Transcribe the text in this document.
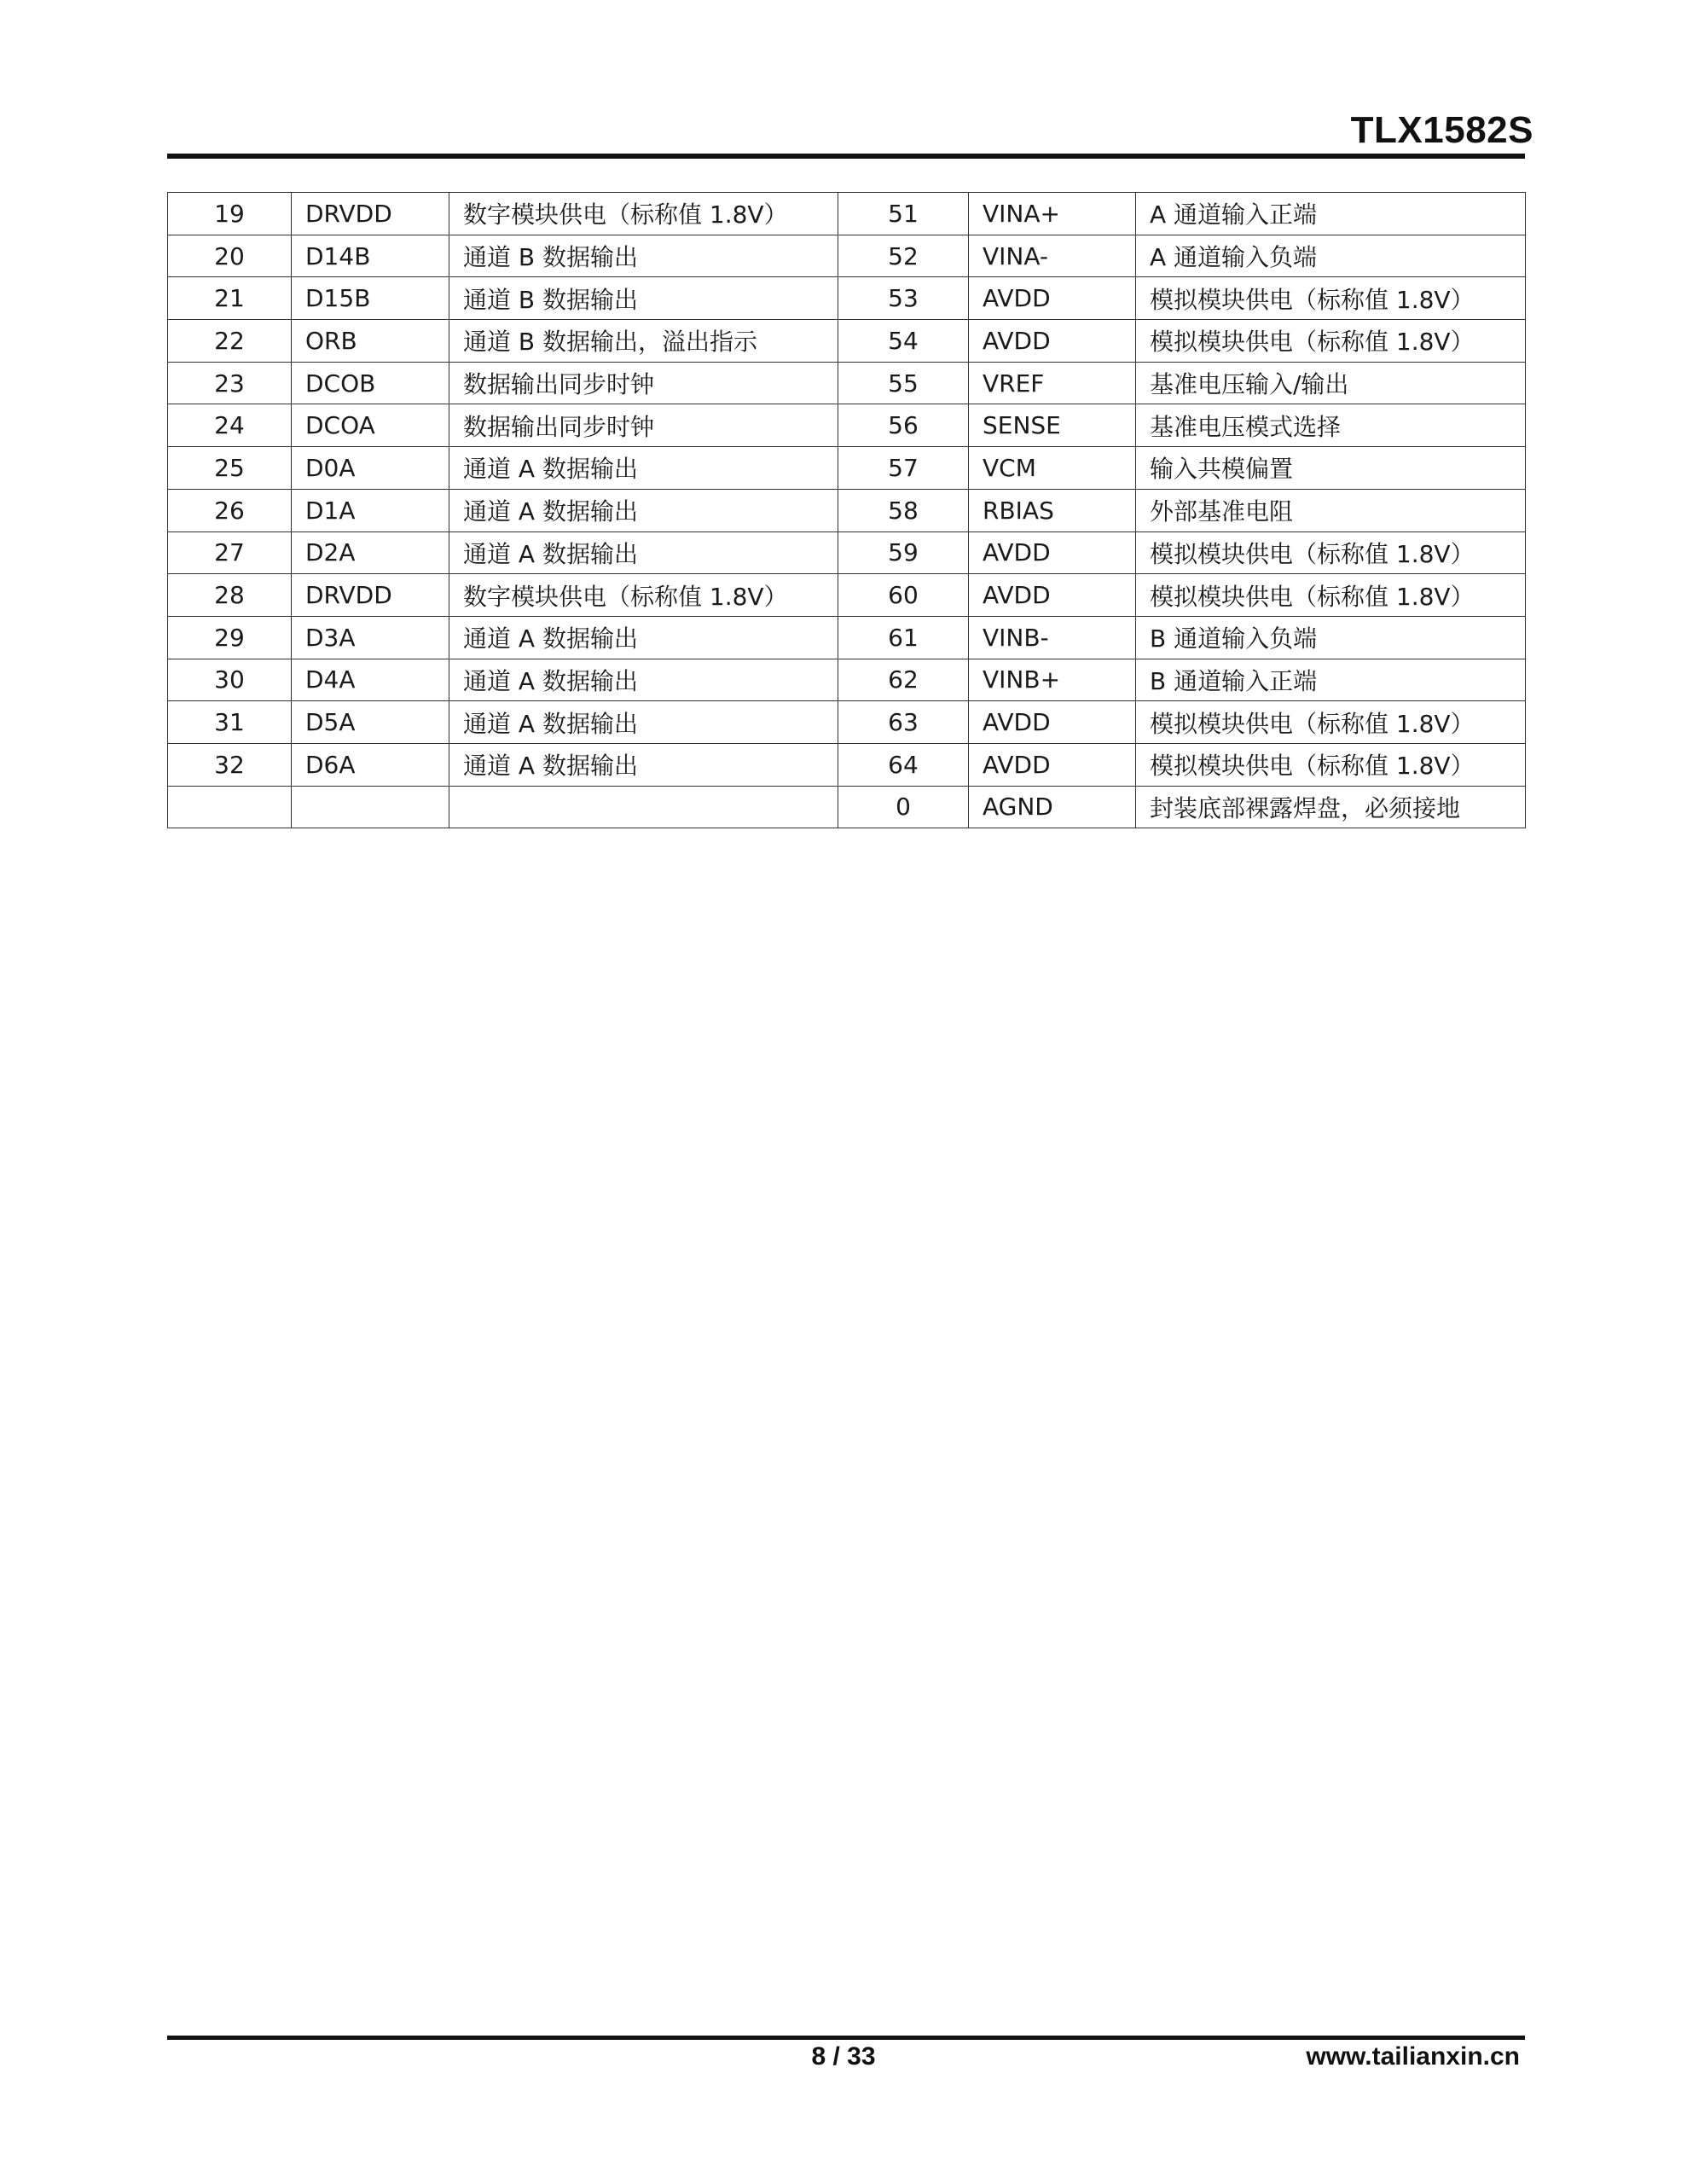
TLX1582S
19	DRVDD	数字模块供电（标称值 1.8V）	51	VINA+	A 通道输入正端
20	D14B	通道 B 数据输出	52	VINA-	A 通道输入负端
21	D15B	通道 B 数据输出	53	AVDD	模拟模块供电（标称值 1.8V）
22	ORB	通道 B 数据输出，溢出指示	54	AVDD	模拟模块供电（标称值 1.8V）
23	DCOB	数据输出同步时钟	55	VREF	基准电压输入/输出
24	DCOA	数据输出同步时钟	56	SENSE	基准电压模式选择
25	D0A	通道 A 数据输出	57	VCM	输入共模偏置
26	D1A	通道 A 数据输出	58	RBIAS	外部基准电阻
27	D2A	通道 A 数据输出	59	AVDD	模拟模块供电（标称值 1.8V）
28	DRVDD	数字模块供电（标称值 1.8V）	60	AVDD	模拟模块供电（标称值 1.8V）
29	D3A	通道 A 数据输出	61	VINB-	B 通道输入负端
30	D4A	通道 A 数据输出	62	VINB+	B 通道输入正端
31	D5A	通道 A 数据输出	63	AVDD	模拟模块供电（标称值 1.8V）
32	D6A	通道 A 数据输出	64	AVDD	模拟模块供电（标称值 1.8V）
			0	AGND	封装底部裸露焊盘，必须接地
8 / 33	www.tailianxin.cn
